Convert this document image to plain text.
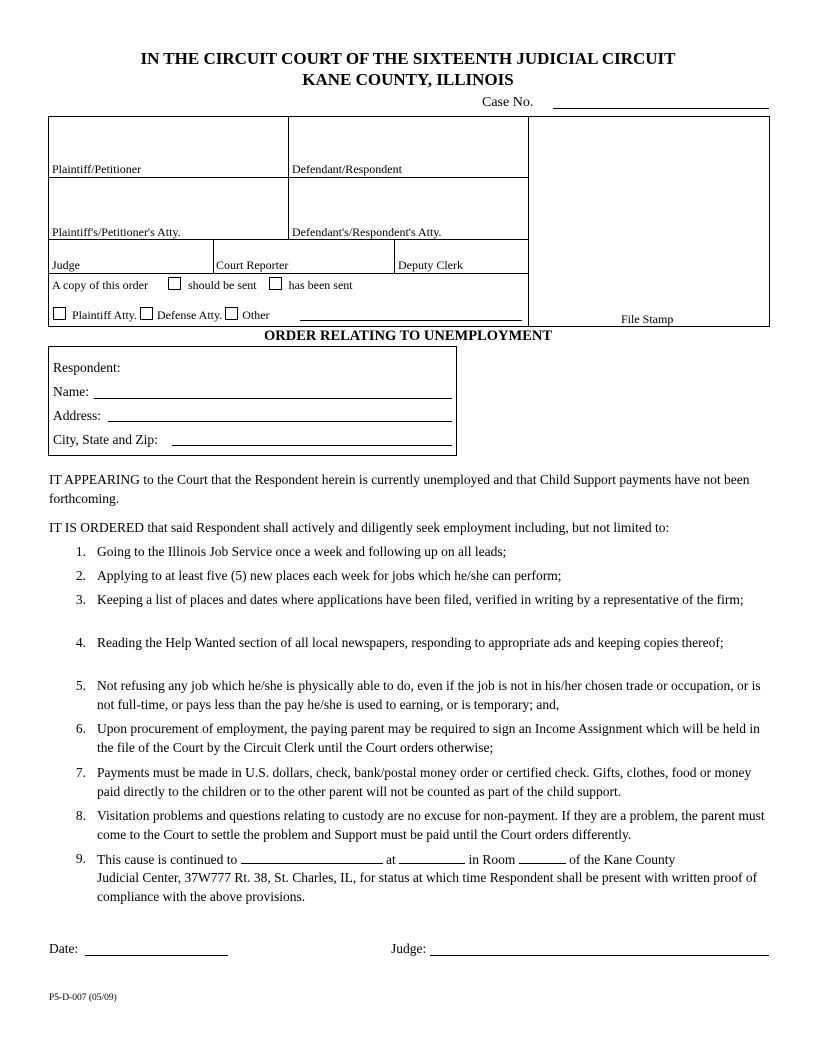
IN THE CIRCUIT COURT OF THE SIXTEENTH JUDICIAL CIRCUIT
KANE COUNTY, ILLINOIS
Case No.
Plaintiff/Petitioner	Defendant/Respondent
Plaintiff's/Petitioner's Atty.	Defendant's/Respondent's Atty.
Judge	Court Reporter	Deputy Clerk
A copy of this order	should be sent	has been sent
Plaintiff Atty. Defense Atty. Other	File Stamp
ORDER RELATING TO UNEMPLOYMENT
Respondent:
Name:
Address:
City, State and Zip:
IT APPEARING to the Court that the Respondent herein is currently unemployed and that Child Support payments have not been forthcoming.
IT IS ORDERED that said Respondent shall actively and diligently seek employment including, but not limited to:
1. Going to the Illinois Job Service once a week and following up on all leads;
2. Applying to at least five (5) new places each week for jobs which he/she can perform;
3. Keeping a list of places and dates where applications have been filed, verified in writing by a representative of the firm;
4. Reading the Help Wanted section of all local newspapers, responding to appropriate ads and keeping copies thereof;
5. Not refusing any job which he/she is physically able to do, even if the job is not in his/her chosen trade or occupation, or is not full-time, or pays less than the pay he/she is used to earning, or is temporary; and,
6. Upon procurement of employment, the paying parent may be required to sign an Income Assignment which will be held in the file of the Court by the Circuit Clerk until the Court orders otherwise;
7. Payments must be made in U.S. dollars, check, bank/postal money order or certified check. Gifts, clothes, food or money paid directly to the children or to the other parent will not be counted as part of the child support.
8. Visitation problems and questions relating to custody are no excuse for non-payment. If they are a problem, the parent must come to the Court to settle the problem and Support must be paid until the Court orders differently.
9. This cause is continued to	at	in Room	of the Kane County
Judicial Center, 37W777 Rt. 38, St. Charles, IL, for status at which time Respondent shall be present with written proof of compliance with the above provisions.
Date:	Judge:
P5-D-007 (05/09)
